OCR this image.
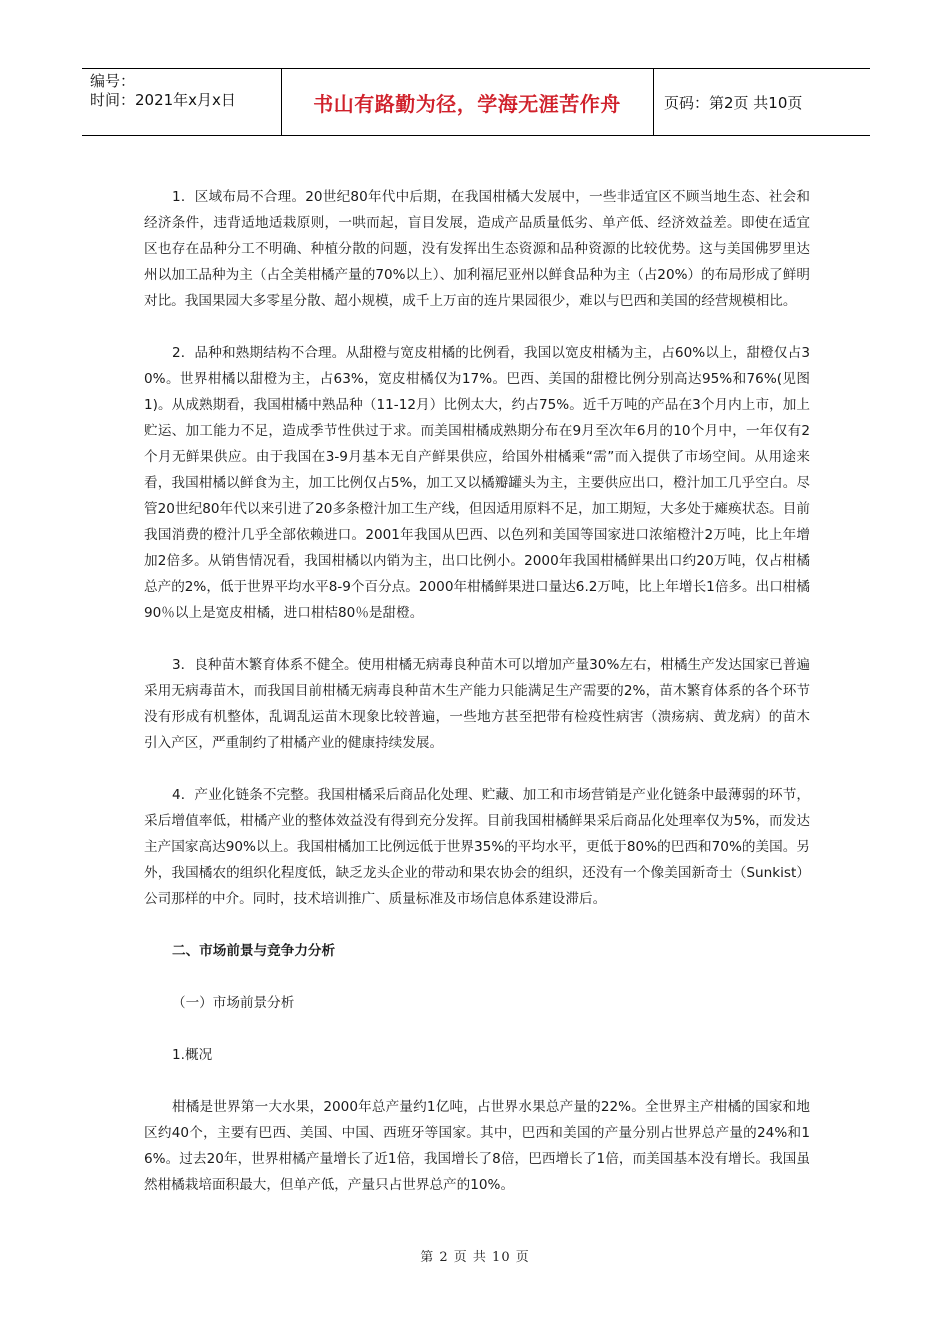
编号：
时间：2021年x月x日	书山有路勤为径，学海无涯苦作舟	页码：第2页 共10页

1．区域布局不合理。20世纪80年代中后期，在我国柑橘大发展中，一些非适宜区不顾当地生态、社会和经济条件，违背适地适栽原则，一哄而起，盲目发展，造成产品质量低劣、单产低、经济效益差。即使在适宜区也存在品种分工不明确、种植分散的问题，没有发挥出生态资源和品种资源的比较优势。这与美国佛罗里达州以加工品种为主（占全美柑橘产量的70%以上）、加利福尼亚州以鲜食品种为主（占20%）的布局形成了鲜明对比。我国果园大多零星分散、超小规模，成千上万亩的连片果园很少，难以与巴西和美国的经营规模相比。

2．品种和熟期结构不合理。从甜橙与宽皮柑橘的比例看，我国以宽皮柑橘为主，占60%以上，甜橙仅占30%。世界柑橘以甜橙为主，占63%，宽皮柑橘仅为17%。巴西、美国的甜橙比例分别高达95%和76%(见图1)。从成熟期看，我国柑橘中熟品种（11-12月）比例太大，约占75%。近千万吨的产品在3个月内上市，加上贮运、加工能力不足，造成季节性供过于求。而美国柑橘成熟期分布在9月至次年6月的10个月中，一年仅有2个月无鲜果供应。由于我国在3-9月基本无自产鲜果供应，给国外柑橘乘“需”而入提供了市场空间。从用途来看，我国柑橘以鲜食为主，加工比例仅占5%，加工又以橘瓣罐头为主，主要供应出口，橙汁加工几乎空白。尽管20世纪80年代以来引进了20多条橙汁加工生产线，但因适用原料不足，加工期短，大多处于瘫痪状态。目前我国消费的橙汁几乎全部依赖进口。2001年我国从巴西、以色列和美国等国家进口浓缩橙汁2万吨，比上年增加2倍多。从销售情况看，我国柑橘以内销为主，出口比例小。2000年我国柑橘鲜果出口约20万吨，仅占柑橘总产的2%，低于世界平均水平8-9个百分点。2000年柑橘鲜果进口量达6.2万吨，比上年增长1倍多。出口柑橘90％以上是宽皮柑橘，进口柑桔80％是甜橙。

3．良种苗木繁育体系不健全。使用柑橘无病毒良种苗木可以增加产量30%左右，柑橘生产发达国家已普遍采用无病毒苗木，而我国目前柑橘无病毒良种苗木生产能力只能满足生产需要的2%，苗木繁育体系的各个环节没有形成有机整体，乱调乱运苗木现象比较普遍，一些地方甚至把带有检疫性病害（溃疡病、黄龙病）的苗木引入产区，严重制约了柑橘产业的健康持续发展。

4．产业化链条不完整。我国柑橘采后商品化处理、贮藏、加工和市场营销是产业化链条中最薄弱的环节，采后增值率低，柑橘产业的整体效益没有得到充分发挥。目前我国柑橘鲜果采后商品化处理率仅为5%，而发达主产国家高达90%以上。我国柑橘加工比例远低于世界35%的平均水平，更低于80%的巴西和70%的美国。另外，我国橘农的组织化程度低，缺乏龙头企业的带动和果农协会的组织，还没有一个像美国新奇士（Sunkist）公司那样的中介。同时，技术培训推广、质量标准及市场信息体系建设滞后。

二、市场前景与竞争力分析

（一）市场前景分析

1.概况

柑橘是世界第一大水果，2000年总产量约1亿吨，占世界水果总产量的22%。全世界主产柑橘的国家和地区约40个，主要有巴西、美国、中国、西班牙等国家。其中，巴西和美国的产量分别占世界总产量的24%和16%。过去20年，世界柑橘产量增长了近1倍，我国增长了8倍，巴西增长了1倍，而美国基本没有增长。我国虽然柑橘栽培面积最大，但单产低，产量只占世界总产的10%。

第 2 页 共 10 页
